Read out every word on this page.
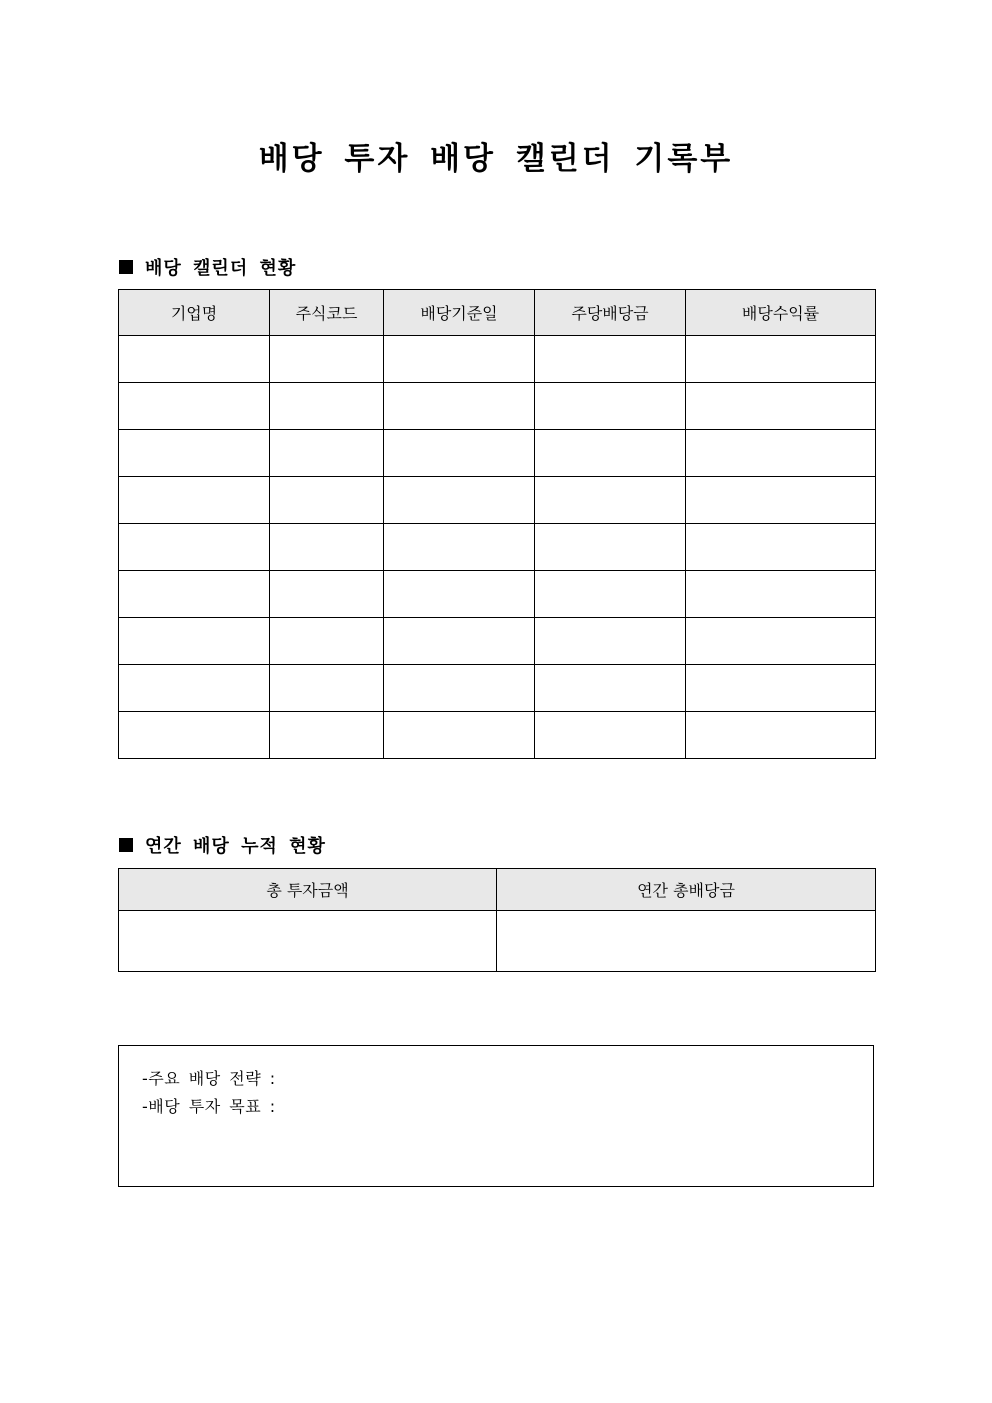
배당 투자 배당 캘린더 기록부
배당 캘린더 현황
기업명	주식코드	배당기준일	주당배당금	배당수익률

연간 배당 누적 현황
총 투자금액	연간 총배당금

-주요 배당 전략 :
-배당 투자 목표 :
